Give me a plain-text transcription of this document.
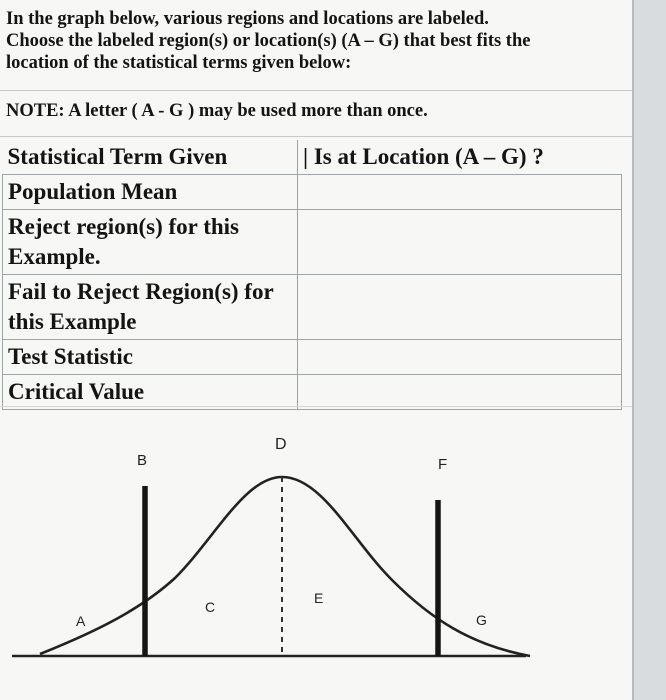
In the graph below, various regions and locations are labeled.

Choose the labeled region(s) or location(s) (A – G) that best fits the

location of the statistical terms given below:

NOTE: A letter ( A - G ) may be used more than once.
Statistical Term Given	| Is at Location (A – G) ?
Population Mean	
Reject region(s) for this Example.	
Fail to Reject Region(s) for this Example	
Test Statistic	
Critical Value	
A
B
C
D
E
F
G
